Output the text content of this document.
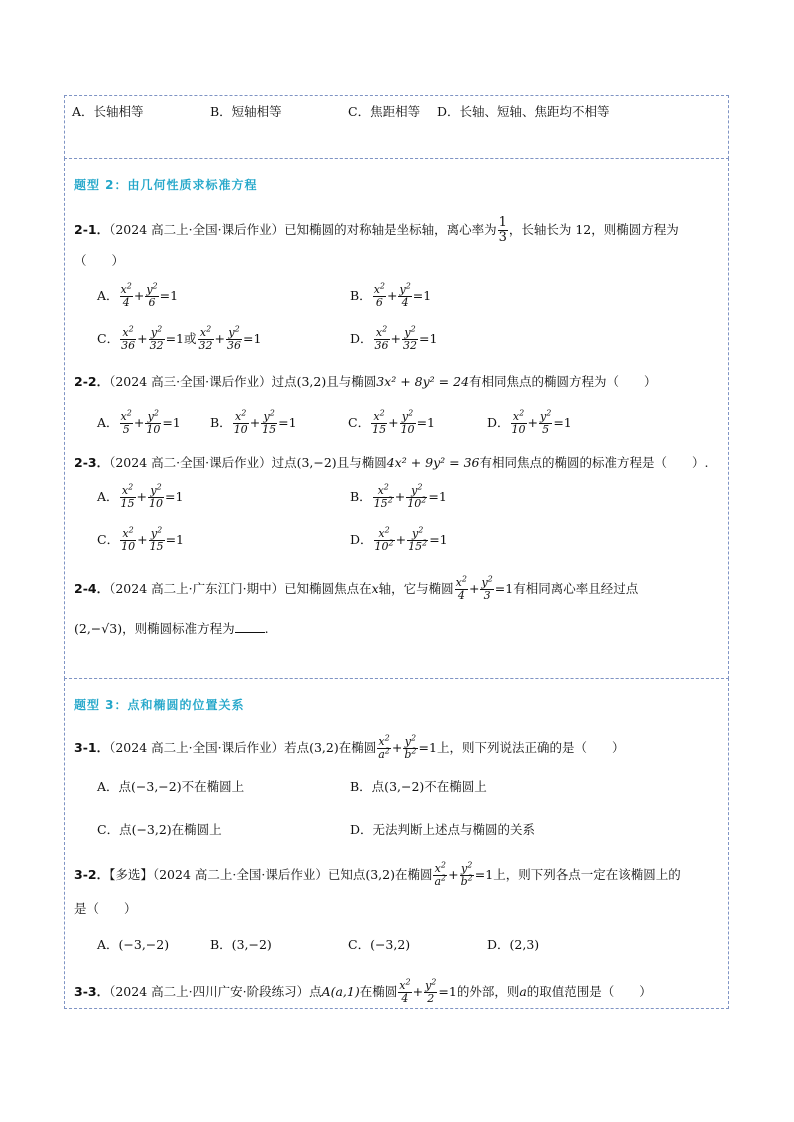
A．长轴相等	B．短轴相等	C．焦距相等 D．长轴、短轴、焦距均不相等
题型 2：由几何性质求标准方程
2-1．（2024 高二上·全国·课后作业）已知椭圆的对称轴是坐标轴，离心率为 $\frac{1}{3}$ ，长轴长为 12，则椭圆方程为
（　　）
A． $\frac{x^2}{4} + \frac{y^2}{6} =1$	B． $\frac{x^2}{6} + \frac{y^2}{4} =1$
C． $\frac{x^2}{36} + \frac{y^2}{32} =1$或 $\frac{x^2}{32} + \frac{y^2}{36} =1$	D． $\frac{x^2}{36} + \frac{y^2}{32} =1$
2-2．（2024 高三·全国·课后作业）过点(3,2)且与椭圆3x² + 8y² = 24有相同焦点的椭圆方程为（　　）
A． $\frac{x^2}{5} + \frac{y^2}{10} =1$ B． $\frac{x^2}{10} + \frac{y^2}{15} =1$	C． $\frac{x^2}{15} + \frac{y^2}{10} =1$	D． $\frac{x^2}{10} + \frac{y^2}{5} =1$
2-3．（2024 高二·全国·课后作业）过点(3,−2)且与椭圆4x² + 9y² = 36有相同焦点的椭圆的标准方程是（　　）.
A． $\frac{x^2}{15} + \frac{y^2}{10} =1$	B． $\frac{x^2}{15^2} + \frac{y^2}{10^2} =1$
C． $\frac{x^2}{10} + \frac{y^2}{15} =1$	D． $\frac{x^2}{10^2} + \frac{y^2}{15^2} =1$
2-4．（2024 高二上·广东江门·期中）已知椭圆焦点在x轴，它与椭圆 $\frac{x^2}{4} + \frac{y^2}{3} =1$有相同离心率且经过点
(2,−√3)，则椭圆标准方程为 .
题型 3：点和椭圆的位置关系
3-1．（2024 高二上·全国·课后作业）若点(3,2)在椭圆 $\frac{x^2}{a^2} + \frac{y^2}{b^2} =1$上，则下列说法正确的是（　　）
A．点(−3,−2)不在椭圆上	B．点(3,−2)不在椭圆上
C．点(−3,2)在椭圆上	D．无法判断上述点与椭圆的关系
3-2．【多选】（2024 高二上·全国·课后作业）已知点(3,2)在椭圆 $\frac{x^2}{a^2} + \frac{y^2}{b^2} =1$上，则下列各点一定在该椭圆上的
是（　　）
A．(−3,−2)	B．(3,−2)	C．(−3,2)	D．(2,3)
3-3．（2024 高二上·四川广安·阶段练习）点A(a,1)在椭圆 $\frac{x^2}{4} + \frac{y^2}{2} =1$的外部，则a的取值范围是（　　）
